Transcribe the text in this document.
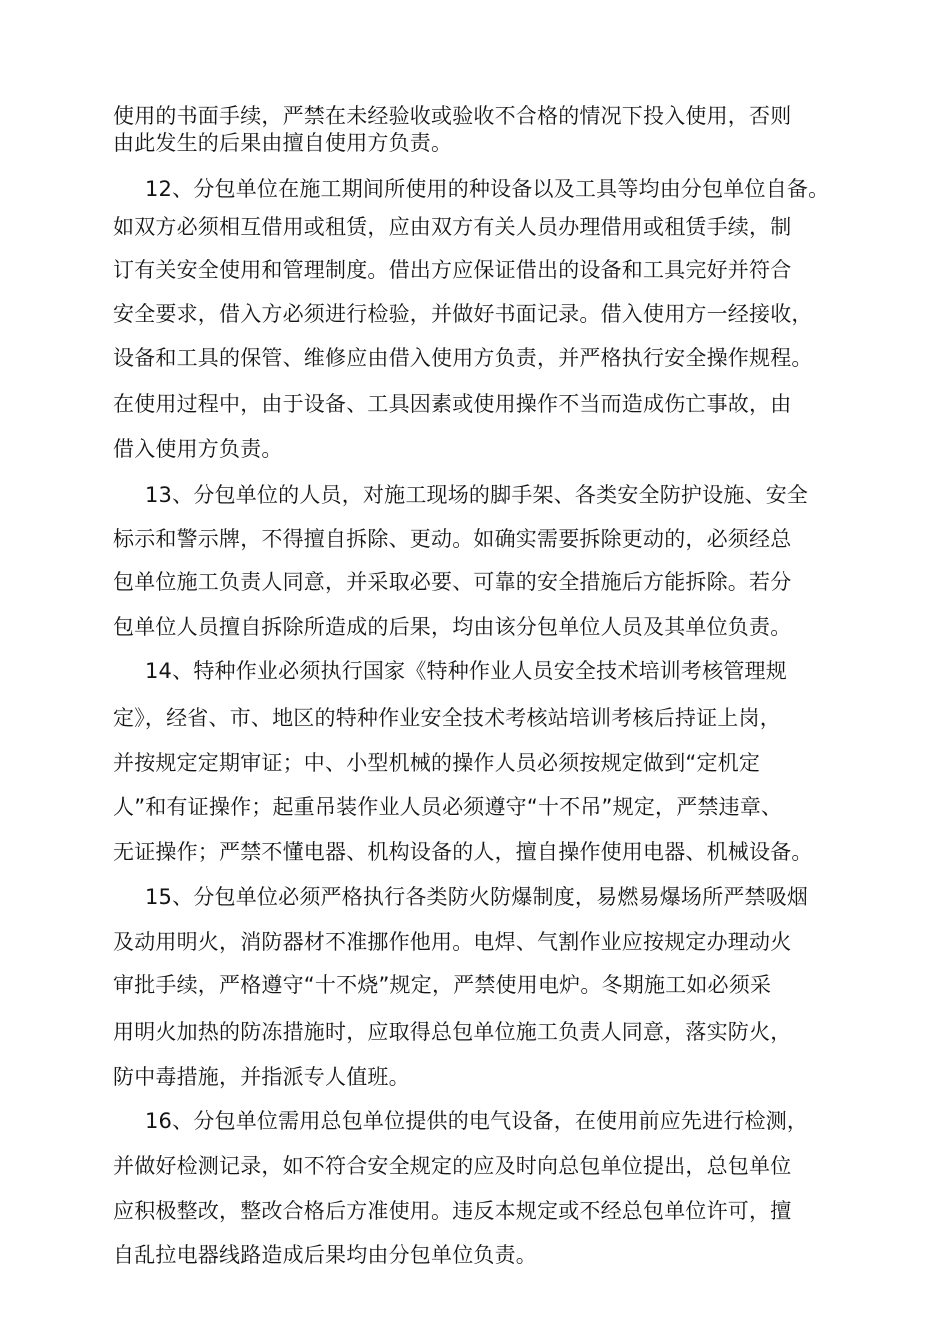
使用的书面手续，严禁在未经验收或验收不合格的情况下投入使用，否则
由此发生的后果由擅自使用方负责。
12、分包单位在施工期间所使用的种设备以及工具等均由分包单位自备。
如双方必须相互借用或租赁，应由双方有关人员办理借用或租赁手续，制
订有关安全使用和管理制度。借出方应保证借出的设备和工具完好并符合
安全要求，借入方必须进行检验，并做好书面记录。借入使用方一经接收，
设备和工具的保管、维修应由借入使用方负责，并严格执行安全操作规程。
在使用过程中，由于设备、工具因素或使用操作不当而造成伤亡事故，由
借入使用方负责。
13、分包单位的人员，对施工现场的脚手架、各类安全防护设施、安全
标示和警示牌，不得擅自拆除、更动。如确实需要拆除更动的，必须经总
包单位施工负责人同意，并采取必要、可靠的安全措施后方能拆除。若分
包单位人员擅自拆除所造成的后果，均由该分包单位人员及其单位负责。
14、特种作业必须执行国家《特种作业人员安全技术培训考核管理规
定》，经省、市、地区的特种作业安全技术考核站培训考核后持证上岗，
并按规定定期审证；中、小型机械的操作人员必须按规定做到“定机定
人”和有证操作；起重吊装作业人员必须遵守“十不吊”规定，严禁违章、
无证操作；严禁不懂电器、机构设备的人，擅自操作使用电器、机械设备。
15、分包单位必须严格执行各类防火防爆制度，易燃易爆场所严禁吸烟
及动用明火，消防器材不准挪作他用。电焊、气割作业应按规定办理动火
审批手续，严格遵守“十不烧”规定，严禁使用电炉。冬期施工如必须采
用明火加热的防冻措施时，应取得总包单位施工负责人同意，落实防火，
防中毒措施，并指派专人值班。
16、分包单位需用总包单位提供的电气设备，在使用前应先进行检测，
并做好检测记录，如不符合安全规定的应及时向总包单位提出，总包单位
应积极整改，整改合格后方准使用。违反本规定或不经总包单位许可，擅
自乱拉电器线路造成后果均由分包单位负责。
